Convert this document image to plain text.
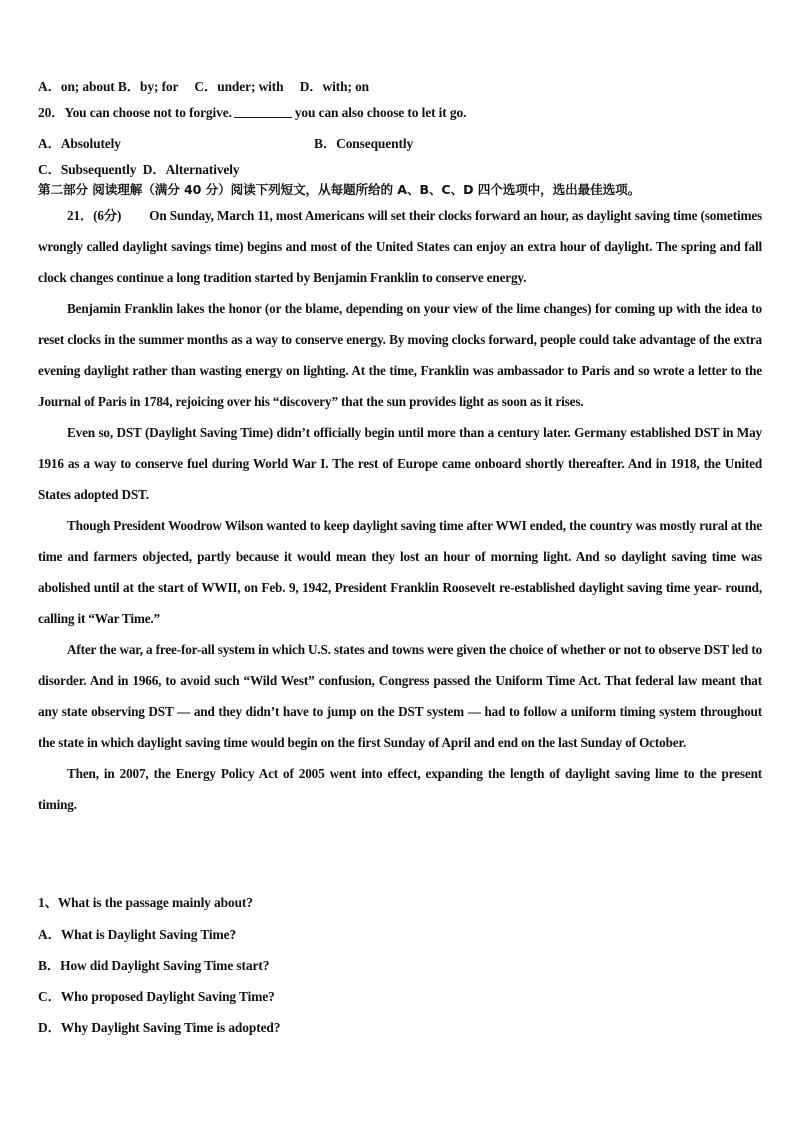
A．on; about B．by; for     C．under; with     D．with; on
20．You can choose not to forgive.	you can also choose to let it go.
A．Absolutely	B．Consequently
C．Subsequently  D．Alternatively
第二部分 阅读理解（满分 40 分）阅读下列短文，从每题所给的 A、B、C、D 四个选项中，选出最佳选项。
21．(6分) On Sunday, March 11, most Americans will set their clocks forward an hour, as daylight saving time (sometimes wrongly called daylight savings time) begins and most of the United States can enjoy an extra hour of daylight. The spring and fall clock changes continue a long tradition started by Benjamin Franklin to conserve energy.
Benjamin Franklin lakes the honor (or the blame, depending on your view of the lime changes) for coming up with the idea to reset clocks in the summer months as a way to conserve energy. By moving clocks forward, people could take advantage of the extra evening daylight rather than wasting energy on lighting. At the time, Franklin was ambassador to Paris and so wrote a letter to the Journal of Paris in 1784, rejoicing over his “discovery” that the sun provides light as soon as it rises.
Even so, DST (Daylight Saving Time) didn’t officially begin until more than a century later. Germany established DST in May 1916 as a way to conserve fuel during World War I. The rest of Europe came onboard shortly thereafter. And in 1918, the United States adopted DST.
Though President Woodrow Wilson wanted to keep daylight saving time after WWI ended, the country was mostly rural at the time and farmers objected, partly because it would mean they lost an hour of morning light. And so daylight saving time was abolished until at the start of WWII, on Feb. 9, 1942, President Franklin Roosevelt re-established daylight saving time year- round, calling it “War Time.”
After the war, a free-for-all system in which U.S. states and towns were given the choice of whether or not to observe DST led to disorder. And in 1966, to avoid such “Wild West” confusion, Congress passed the Uniform Time Act. That federal law meant that any state observing DST — and they didn’t have to jump on the DST system — had to follow a uniform timing system throughout the state in which daylight saving time would begin on the first Sunday of April and end on the last Sunday of October.
Then, in 2007, the Energy Policy Act of 2005 went into effect, expanding the length of daylight saving lime to the present timing.
1、What is the passage mainly about?
A．What is Daylight Saving Time?
B．How did Daylight Saving Time start?
C．Who proposed Daylight Saving Time?
D．Why Daylight Saving Time is adopted?
